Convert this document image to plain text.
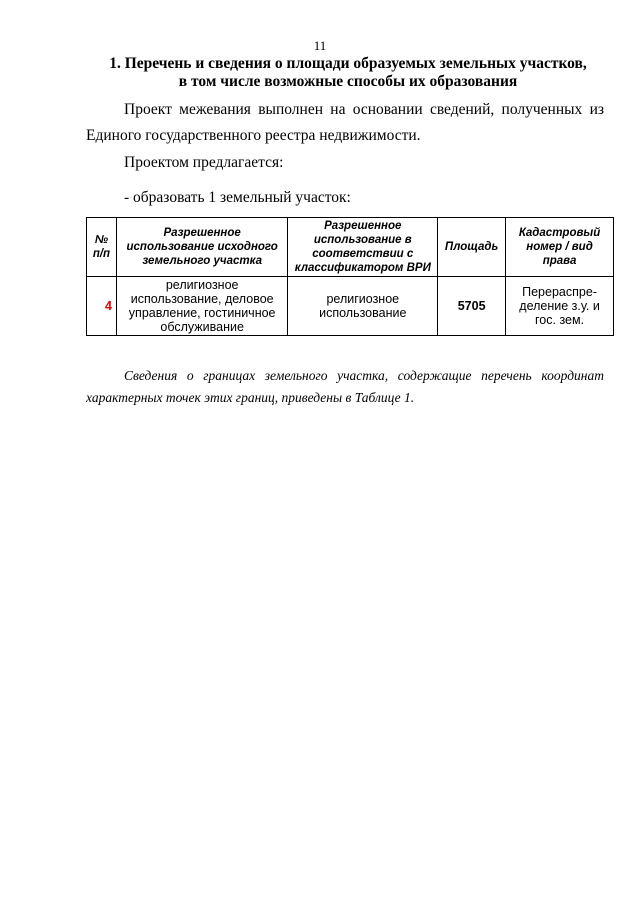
11
1. Перечень и сведения о площади образуемых земельных участков,
в том числе возможные способы их образования
Проект межевания выполнен на основании сведений, полученных из Единого государственного реестра недвижимости.
Проектом предлагается:
- образовать 1 земельный участок:
№ п/п	Разрешенное использование исходного земельного участка	Разрешенное использование в соответствии с классификатором ВРИ	Площадь	Кадастровый номер / вид права
4	религиозное использование, деловое управление, гостиничное обслуживание	религиозное использование	5705	Перераспре-деление з.у. и гос. зем.
Сведения о границах земельного участка, содержащие перечень координат характерных точек этих границ, приведены в Таблице 1.
